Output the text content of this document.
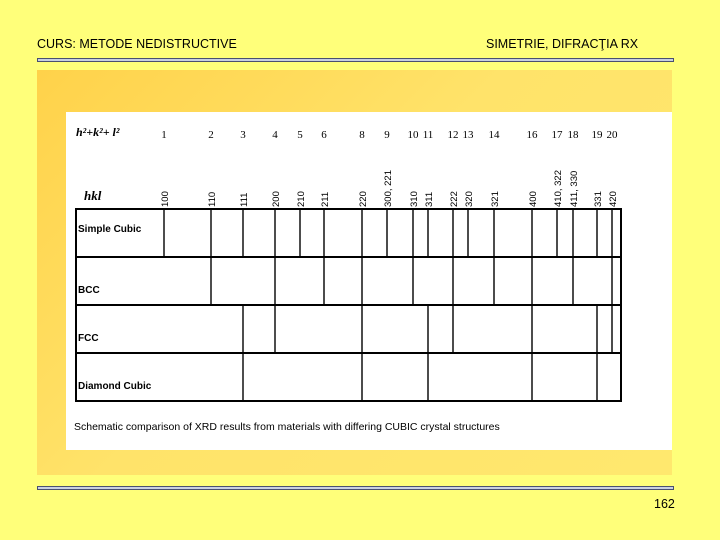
CURS: METODE NEDISTRUCTIVE	SIMETRIE, DIFRACŢIA RX
h²+k²+ l²
hkl
1	2 3 4 5 6	8 9 10 11 12 13 14 16 17 18 19 20
100	110 111 200 210 211	220 300, 221 310 311 222 320 321	400 410, 322 411, 330 331 420
Simple Cubic
BCC
FCC
Diamond Cubic
Schematic comparison of XRD results from materials with differing CUBIC crystal structures
162
